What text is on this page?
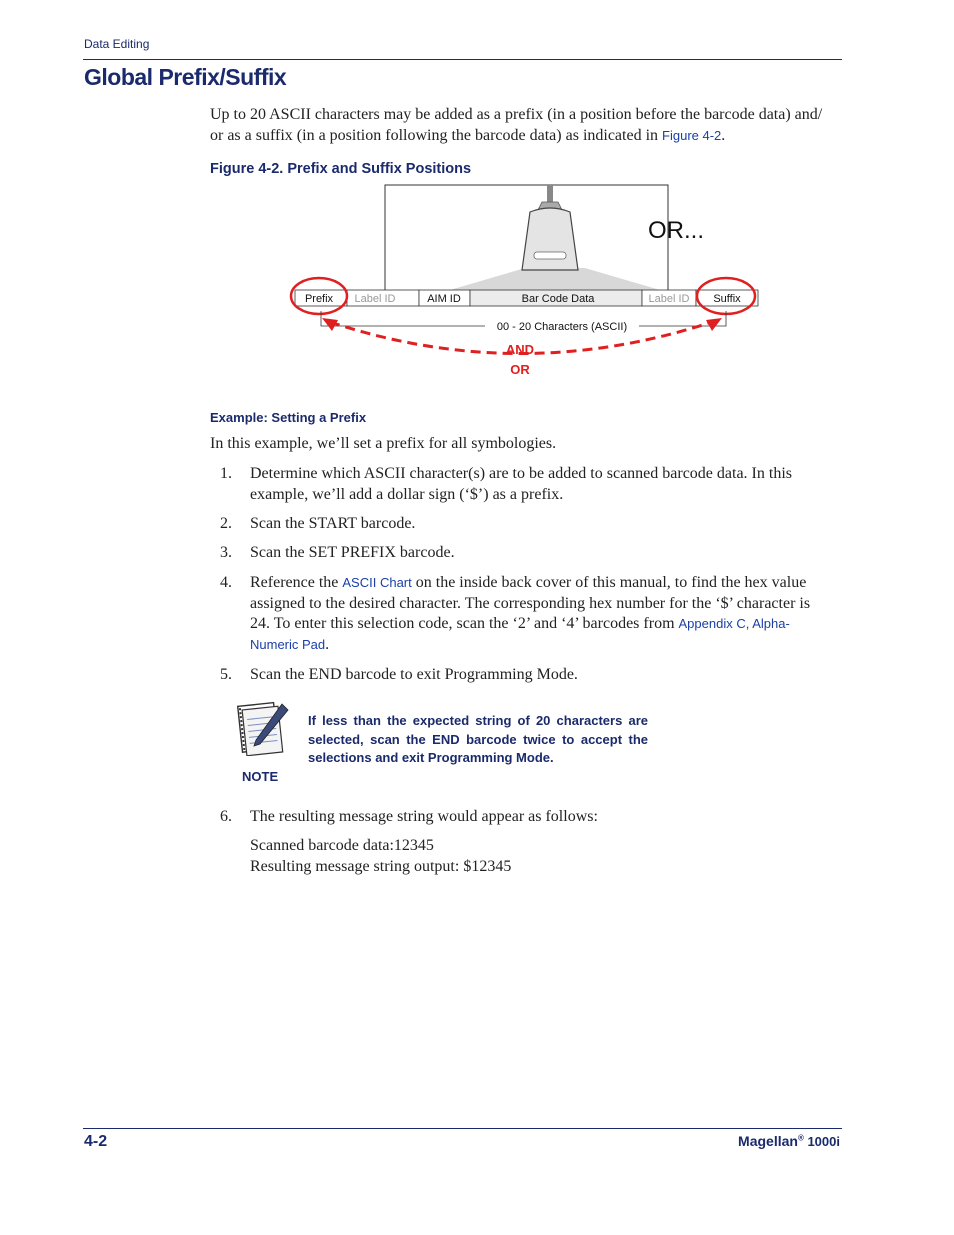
Data Editing
Global Prefix/Suffix
Up to 20 ASCII characters may be added as a prefix (in a position before the barcode data) and/
or as a suffix (in a position following the barcode data) as indicated in Figure 4-2.
Figure 4-2. Prefix and Suffix Positions
OR...
Prefix Label ID	AIM ID	Bar Code Data	Label ID Suffix
00 - 20 Characters (ASCII)
AND
OR
Example: Setting a Prefix
In this example, we’ll set a prefix for all symbologies.
1. Determine which ASCII character(s) are to be added to scanned barcode data. In this
example, we’ll add a dollar sign (‘$’) as a prefix.
2. Scan the START barcode.
3. Scan the SET PREFIX barcode.
4. Reference the ASCII Chart on the inside back cover of this manual, to find the hex value
assigned to the desired character. The corresponding hex number for the ‘$’ character is
24. To enter this selection code, scan the ‘2’ and ‘4’ barcodes from Appendix C, Alpha-
Numeric Pad.
5. Scan the END barcode to exit Programming Mode.
NOTE
If less than the expected string of 20 characters are
selected, scan the END barcode twice to accept the
selections and exit Programming Mode.
6. The resulting message string would appear as follows:
Scanned barcode data:12345
Resulting message string output: $12345
4-2	Magellan® 1000i
